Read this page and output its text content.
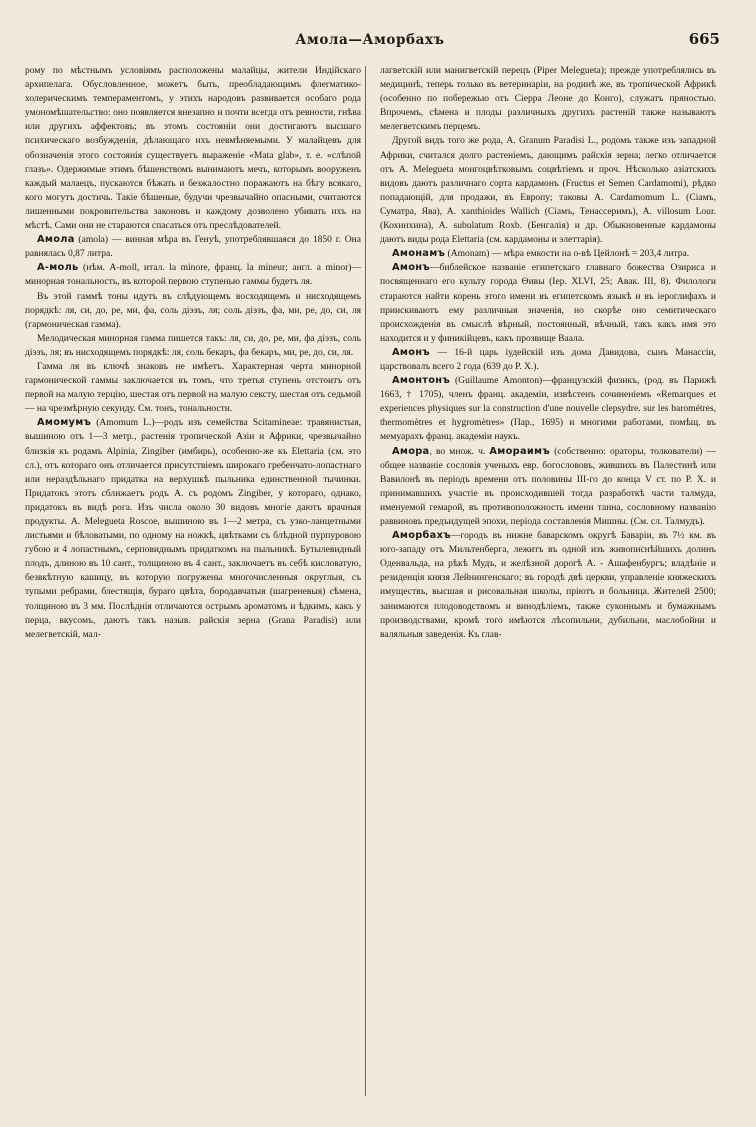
Амола—Аморбахъ	665

рому по мѣстнымъ условіямъ расположены малайцы, жители Индійскаго архипелага. Обусловленное, можетъ быть, преобладающимъ флегматико-холерическимъ темпераментомъ, у этихъ народовъ развивается особаго рода умономѣшательство: оно появляется внезапно и почти всегда отъ ревности, гнѣва или другихъ аффектовъ; въ этомъ состояніи они достигаютъ высшаго психическаго возбужденія, дѣлающаго ихъ невмѣняемыми. У малайцевъ для обозначенія этого состоянія существуетъ выраженіе «Mata glab», т. е. «слѣпой глазъ». Одержимые этимъ бѣшенствомъ вынимаютъ мечъ, которымъ вооруженъ каждый малаецъ, пускаются бѣжать и безжалостно поражаютъ на бѣгу всякаго, кого могутъ достичь. Такіе бѣшеные, будучи чрезвычайно опасными, считаются лишенными покровительства законовъ и каждому дозволено убивать ихъ на мѣстѣ. Сами они не стараются спасаться отъ преслѣдователей.

Амола (amola) — винная мѣра въ Генуѣ, употреблявшаяся до 1850 г. Она равнялась 0,87 литра.

А-моль (нѣм. A-moll, итал. la minore, франц. la mineur; англ. a minor)—минорная тональность, въ которой первою ступенью гаммы будетъ ля.

Въ этой гаммѣ тоны идутъ въ слѣдующемъ восходящемъ и нисходящемъ порядкѣ: ля, си, до, ре, ми, фа, соль діэзъ, ля; соль діэзъ, фа, ми, ре, до, си, ля (гармоническая гамма).

Мелодическая минорная гамма пишется такъ: ля, си, до, ре, ми, фа діэзъ, соль діэзъ, ля; въ нисходящемъ порядкѣ: ля, соль бекаръ, фа бекаръ, ми, ре, до, си, ля.

Гамма ля въ ключѣ знаковъ не имѣетъ. Характерная черта минорной гармонической гаммы заключается въ томъ, что третья ступень отстоитъ отъ первой на малую терцію, шестая отъ первой на малую сексту, шестая отъ седьмой — на чрезмѣрную секунду. См. тонъ, тональности.

Амомумъ (Amomum L.)—родъ изъ семейства Scitamineae: травянистыя, вышиною отъ 1—3 метр., растенія тропической Азіи и Африки, чрезвычайно близкія къ родамъ Alpinia, Zingiber (имбирь), особенно-же къ Elettaria (см. это сл.), отъ котораго онъ отличается присутствіемъ широкаго гребенчато-лопастнаго или нераздѣльнаго придатка на верхушкѣ пыльника единственной тычинки. Придатокъ этотъ сближаетъ родъ А. съ родомъ Zingiber, у котораго, однако, придатокъ въ видѣ рога. Изъ числа около 30 видовъ многіе даютъ врачныя продукты. A. Melegueta Roscoe, вышиною въ 1—2 метра, съ узко-ланцетными листьями и бѣловатыми, по одному на ножкѣ, цвѣтками съ блѣдной пурпуровою губою и 4 лопастнымъ, серповиднымъ придаткомъ на пыльникѣ. Бутылевидный плодъ, длиною въ 10 сант., толщиною въ 4 сант., заключаетъ въ себѣ кисловатую, безвкѣтную кашицу, въ которую погружены многочисленныя округлыя, съ тупыми ребрами, блестящія, бураго цвѣта, бородавчатыя (шагреневыя) сѣмена, толщиною въ 3 мм. Послѣднія отличаются острымъ ароматомъ и ѣдкимъ, какъ у перца, вкусомъ, даютъ такъ назыв. райскія зерна (Grana Paradisi) или мелегветскій, мал-

лагветскій или манигветскій перецъ (Piper Melegueta); прежде употреблялись въ медицинѣ, теперь только въ ветеринаріи, на родинѣ же, въ тропической Африкѣ (особенно по побережью отъ Сіерра Леоне до Конго), служатъ пряностью. Впрочемъ, сѣмена и плоды различныхъ другихъ растеній также называютъ мелегветскимъ перцемъ.

Другой видъ того же рода, A. Granum Paradisi L., родомъ также изъ западной Африки, считался долго растеніемъ, дающимъ райскія зерна; легко отличается отъ A. Melegueta монгоцвѣтковымъ соцвѣтіемъ и проч. Нѣсколько азіатскихъ видовъ даютъ различнаго сорта кардамонъ (Fructus et Semen Cardamomi), рѣдко попадающій, для продажи, въ Европу; таковы A. Cardamomum L. (Сіамъ, Суматра, Ява), A. xanthioides Wallich (Сіамъ, Тенассеримъ), A. villosum Lour. (Кохинхина), A. subulatum Roxb. (Бенгалія) и др. Обыкновенные кардамоны даютъ виды рода Elettaria (см. кардамоны и элеттарія).

Амонамъ (Amonam) — мѣра емкости на о-вѣ Цейлонѣ = 203,4 литра.

Амонъ—библейское названіе египетскаго главнаго божества Озириса и посвященнаго его культу города Ѳивы (Іер. XLVI, 25; Авак. III, 8). Филологи стараются найти корень этого имени въ египетскомъ языкѣ и въ іероглифахъ и приискиваютъ ему различныя значенія, но скорѣе оно семитическаго происхожденія въ смыслѣ вѣрный, постоянный, вѣчный, такъ какъ имя это находится и у финикійцевъ, какъ прозвище Ваала.

Амонъ — 16-й царь іудейскій изъ дома Давидова, сынъ Манассіи, царствовалъ всего 2 года (639 до Р. Х.).

Амонтонъ (Guillaume Amonton)—французскій физикъ, (род. въ Парижѣ 1663, † 1705), членъ франц. академіи, извѣстенъ сочиненіемъ «Remarques et experiences physiques sur la construction d'une nouvelle clepsydre. sur les barométres, thermomètres et hygromètres» (Пар., 1695) и многими работами, помѣщ. въ мемуарахъ франц. академіи наукъ.

Амора, во множ. ч. Амораимъ (собственно: ораторы, толкователи) — общее названіе сословія ученыхъ евр. богослововъ, жившихъ въ Палестинѣ или Вавилонѣ въ періодъ времени отъ половины III-го до конца V ст. по Р. Х. и принимавшихъ участіе въ происходившей тогда разработкѣ части талмуда, именуемой гемарой, въ противоположность имени танна, сословному названію раввиновъ предъидущей эпохи, періода составленія Мишны. (См. сл. Талмудъ).

Аморбахъ—городъ въ нижне баварскомъ округѣ Баваріи, въ 7½ км. въ юго-западу отъ Мильтенберга, лежитъ въ одной изъ живописнѣйшихъ долинъ Оденвальда, на рѣкѣ Мудъ, и желѣзной дорогѣ А. - Ашафенбургъ; владѣніе и резиденція князя Лейнингенскаго; въ городѣ двѣ церкви, управленіе княжескихъ имуществъ, высшая и рисовальная школы, пріютъ и больница. Жителей 2500; занимаются плодоводствомъ и винодѣліемъ, также суконнымъ и бумажнымъ производствами, кромѣ того имѣются лѣсопильни, дубильни, маслобойни и валяльныя заведенія. Къ глав-
